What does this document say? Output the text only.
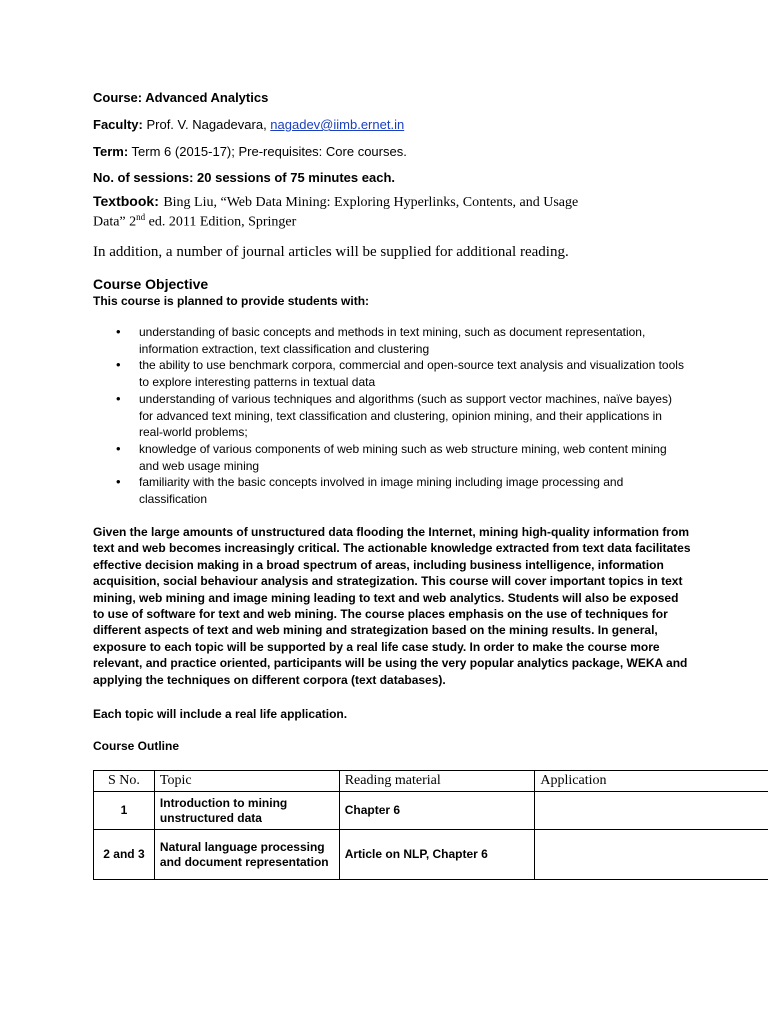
Course: Advanced Analytics
Faculty: Prof. V. Nagadevara, nagadev@iimb.ernet.in
Term: Term 6 (2015-17); Pre-requisites: Core courses.
No. of sessions: 20 sessions of 75 minutes each.
Textbook: Bing Liu, “Web Data Mining: Exploring Hyperlinks, Contents, and Usage
Data” 2nd ed. 2011 Edition, Springer
In addition, a number of journal articles will be supplied for additional reading.
Course Objective
This course is planned to provide students with:
• understanding of basic concepts and methods in text mining, such as document representation, information extraction, text classification and clustering
• the ability to use benchmark corpora, commercial and open-source text analysis and visualization tools to explore interesting patterns in textual data
• understanding of various techniques and algorithms (such as support vector machines, naïve bayes) for advanced text mining, text classification and clustering, opinion mining, and their applications in real-world problems;
• knowledge of various components of web mining such as web structure mining, web content mining and web usage mining
• familiarity with the basic concepts involved in image mining including image processing and classification
Given the large amounts of unstructured data flooding the Internet, mining high-quality information from text and web becomes increasingly critical. The actionable knowledge extracted from text data facilitates effective decision making in a broad spectrum of areas, including business intelligence, information acquisition, social behaviour analysis and strategization. This course will cover important topics in text mining, web mining and image mining leading to text and web analytics. Students will also be exposed to use of software for text and web mining. The course places emphasis on the use of techniques for different aspects of text and web mining and strategization based on the mining results. In general, exposure to each topic will be supported by a real life case study. In order to make the course more relevant, and practice oriented, participants will be using the very popular analytics package, WEKA and applying the techniques on different corpora (text databases).
Each topic will include a real life application.
Course Outline
S No.	Topic	Reading material	Application
1	Introduction to mining unstructured data	Chapter 6	
2 and 3	Natural language processing and document representation	Article on NLP, Chapter 6	
